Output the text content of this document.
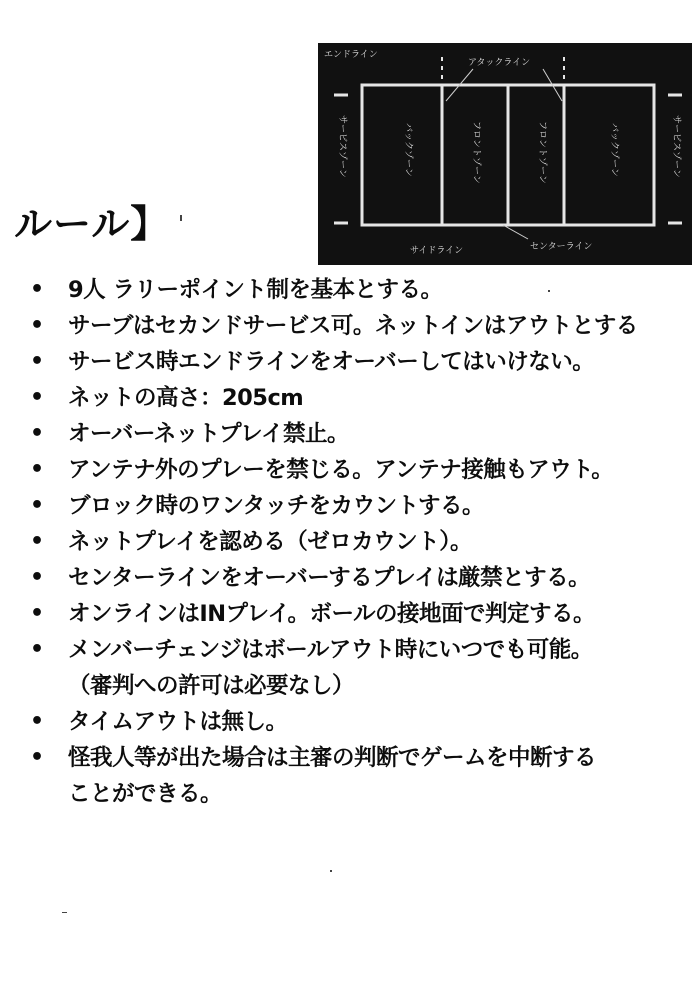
エンドライン
アタックライン
サイドライン	センターライン
サービスゾーン	サービスゾーン
バックゾーン	フロントゾーン	フロントゾーン	バックゾーン
ルール】
• 9人 ラリーポイント制を基本とする。
• サーブはセカンドサービス可。ネットインはアウトとする
• サービス時エンドラインをオーバーしてはいけない。
• ネットの高さ：205cm
• オーバーネットプレイ禁止。
• アンテナ外のプレーを禁じる。アンテナ接触もアウト。
• ブロック時のワンタッチをカウントする。
• ネットプレイを認める（ゼロカウント）。
• センターラインをオーバーするプレイは厳禁とする。
• オンラインはINプレイ。ボールの接地面で判定する。
• メンバーチェンジはボールアウト時にいつでも可能。
（審判への許可は必要なし）
• タイムアウトは無し。
• 怪我人等が出た場合は主審の判断でゲームを中断する
ことができる。
